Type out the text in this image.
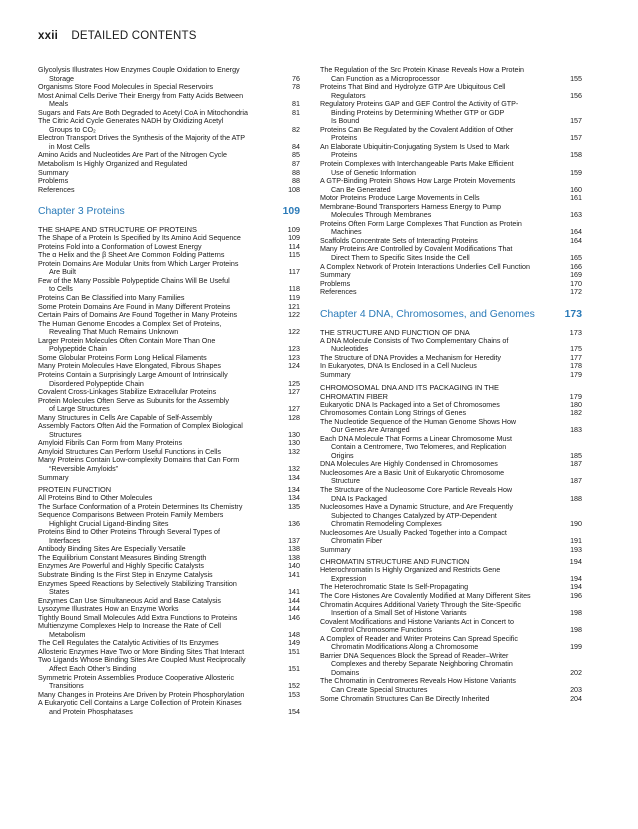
xxii DETAILED CONTENTS
Glycolysis Illustrates How Enzymes Couple Oxidation to Energy
Storage	76
Organisms Store Food Molecules in Special Reservoirs	78
Most Animal Cells Derive Their Energy from Fatty Acids Between
Meals	81
Sugars and Fats Are Both Degraded to Acetyl CoA in Mitochondria	81
The Citric Acid Cycle Generates NADH by Oxidizing Acetyl
Groups to CO₂	82
Electron Transport Drives the Synthesis of the Majority of the ATP
in Most Cells	84
Amino Acids and Nucleotides Are Part of the Nitrogen Cycle	85
Metabolism Is Highly Organized and Regulated	87
Summary	88
Problems	88
References	108
Chapter 3 Proteins	109
THE SHAPE AND STRUCTURE OF PROTEINS	109
The Shape of a Protein Is Specified by Its Amino Acid Sequence	109
Proteins Fold into a Conformation of Lowest Energy	114
The α Helix and the β Sheet Are Common Folding Patterns	115
Protein Domains Are Modular Units from Which Larger Proteins
Are Built	117
Few of the Many Possible Polypeptide Chains Will Be Useful
to Cells	118
Proteins Can Be Classified into Many Families	119
Some Protein Domains Are Found in Many Different Proteins	121
Certain Pairs of Domains Are Found Together in Many Proteins	122
The Human Genome Encodes a Complex Set of Proteins,
Revealing That Much Remains Unknown	122
Larger Protein Molecules Often Contain More Than One
Polypeptide Chain	123
Some Globular Proteins Form Long Helical Filaments	123
Many Protein Molecules Have Elongated, Fibrous Shapes	124
Proteins Contain a Surprisingly Large Amount of Intrinsically
Disordered Polypeptide Chain	125
Covalent Cross-Linkages Stabilize Extracellular Proteins	127
Protein Molecules Often Serve as Subunits for the Assembly
of Large Structures	127
Many Structures in Cells Are Capable of Self-Assembly	128
Assembly Factors Often Aid the Formation of Complex Biological
Structures	130
Amyloid Fibrils Can Form from Many Proteins	130
Amyloid Structures Can Perform Useful Functions in Cells	132
Many Proteins Contain Low-complexity Domains that Can Form
“Reversible Amyloids”	132
Summary	134
PROTEIN FUNCTION	134
All Proteins Bind to Other Molecules	134
The Surface Conformation of a Protein Determines Its Chemistry	135
Sequence Comparisons Between Protein Family Members
Highlight Crucial Ligand-Binding Sites	136
Proteins Bind to Other Proteins Through Several Types of
Interfaces	137
Antibody Binding Sites Are Especially Versatile	138
The Equilibrium Constant Measures Binding Strength	138
Enzymes Are Powerful and Highly Specific Catalysts	140
Substrate Binding Is the First Step in Enzyme Catalysis	141
Enzymes Speed Reactions by Selectively Stabilizing Transition
States	141
Enzymes Can Use Simultaneous Acid and Base Catalysis	144
Lysozyme Illustrates How an Enzyme Works	144
Tightly Bound Small Molecules Add Extra Functions to Proteins	146
Multienzyme Complexes Help to Increase the Rate of Cell
Metabolism	148
The Cell Regulates the Catalytic Activities of Its Enzymes	149
Allosteric Enzymes Have Two or More Binding Sites That Interact	151
Two Ligands Whose Binding Sites Are Coupled Must Reciprocally
Affect Each Other’s Binding	151
Symmetric Protein Assemblies Produce Cooperative Allosteric
Transitions	152
Many Changes in Proteins Are Driven by Protein Phosphorylation	153
A Eukaryotic Cell Contains a Large Collection of Protein Kinases
and Protein Phosphatases	154
The Regulation of the Src Protein Kinase Reveals How a Protein
Can Function as a Microprocessor	155
Proteins That Bind and Hydrolyze GTP Are Ubiquitous Cell
Regulators	156
Regulatory Proteins GAP and GEF Control the Activity of GTP-
Binding Proteins by Determining Whether GTP or GDP
Is Bound	157
Proteins Can Be Regulated by the Covalent Addition of Other
Proteins	157
An Elaborate Ubiquitin-Conjugating System Is Used to Mark
Proteins	158
Protein Complexes with Interchangeable Parts Make Efficient
Use of Genetic Information	159
A GTP-Binding Protein Shows How Large Protein Movements
Can Be Generated	160
Motor Proteins Produce Large Movements in Cells	161
Membrane-Bound Transporters Harness Energy to Pump
Molecules Through Membranes	163
Proteins Often Form Large Complexes That Function as Protein
Machines	164
Scaffolds Concentrate Sets of Interacting Proteins	164
Many Proteins Are Controlled by Covalent Modifications That
Direct Them to Specific Sites Inside the Cell	165
A Complex Network of Protein Interactions Underlies Cell Function	166
Summary	169
Problems	170
References	172
Chapter 4 DNA, Chromosomes, and Genomes	173
THE STRUCTURE AND FUNCTION OF DNA	173
A DNA Molecule Consists of Two Complementary Chains of
Nucleotides	175
The Structure of DNA Provides a Mechanism for Heredity	177
In Eukaryotes, DNA Is Enclosed in a Cell Nucleus	178
Summary	179
CHROMOSOMAL DNA AND ITS PACKAGING IN THE
CHROMATIN FIBER	179
Eukaryotic DNA Is Packaged into a Set of Chromosomes	180
Chromosomes Contain Long Strings of Genes	182
The Nucleotide Sequence of the Human Genome Shows How
Our Genes Are Arranged	183
Each DNA Molecule That Forms a Linear Chromosome Must
Contain a Centromere, Two Telomeres, and Replication
Origins	185
DNA Molecules Are Highly Condensed in Chromosomes	187
Nucleosomes Are a Basic Unit of Eukaryotic Chromosome
Structure	187
The Structure of the Nucleosome Core Particle Reveals How
DNA Is Packaged	188
Nucleosomes Have a Dynamic Structure, and Are Frequently
Subjected to Changes Catalyzed by ATP-Dependent
Chromatin Remodeling Complexes	190
Nucleosomes Are Usually Packed Together into a Compact
Chromatin Fiber	191
Summary	193
CHROMATIN STRUCTURE AND FUNCTION	194
Heterochromatin Is Highly Organized and Restricts Gene
Expression	194
The Heterochromatic State Is Self-Propagating	194
The Core Histones Are Covalently Modified at Many Different Sites	196
Chromatin Acquires Additional Variety Through the Site-Specific
Insertion of a Small Set of Histone Variants	198
Covalent Modifications and Histone Variants Act in Concert to
Control Chromosome Functions	198
A Complex of Reader and Writer Proteins Can Spread Specific
Chromatin Modifications Along a Chromosome	199
Barrier DNA Sequences Block the Spread of Reader–Writer
Complexes and thereby Separate Neighboring Chromatin
Domains	202
The Chromatin in Centromeres Reveals How Histone Variants
Can Create Special Structures	203
Some Chromatin Structures Can Be Directly Inherited	204
